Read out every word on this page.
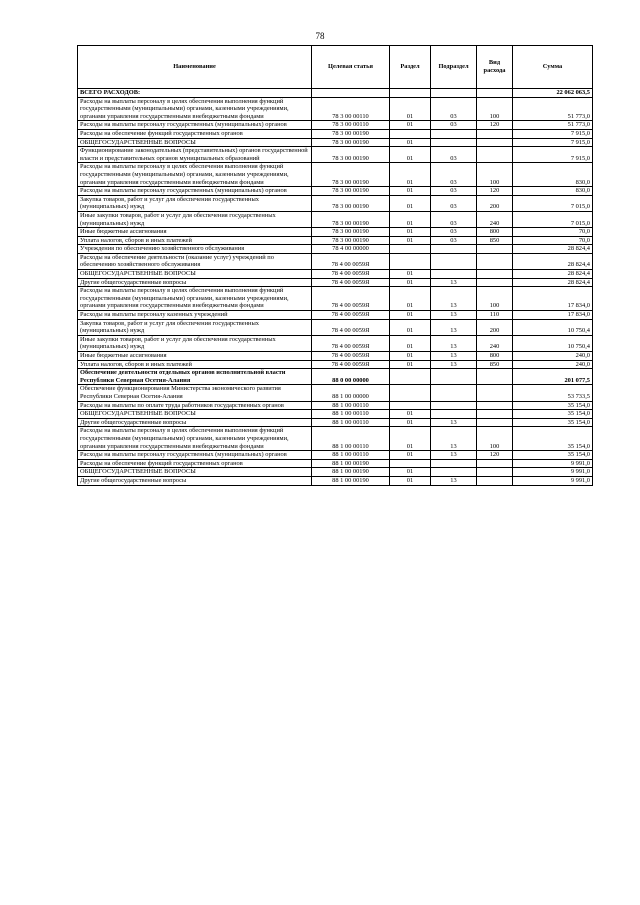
78
Наименование	Целевая статья	Раздел	Подраздел	Вид расхода	Сумма
ВСЕГО РАСХОДОВ:					22 062 063,5
Расходы на выплаты персоналу в целях обеспечения выполнения функций государственными (муниципальными) органами, казенными учреждениями, органами управления государственными внебюджетными фондами	78 3 00 00110	01	03	100	51 773,0
Расходы на выплаты персоналу государственных (муниципальных) органов	78 3 00 00110	01	03	120	51 773,0
Расходы на обеспечение функций государственных органов	78 3 00 00190				7 915,0
ОБЩЕГОСУДАРСТВЕННЫЕ ВОПРОСЫ	78 3 00 00190	01			7 915,0
Функционирование законодательных (представительных) органов государственной власти и представительных органов муниципальных образований	78 3 00 00190	01	03		7 915,0
Расходы на выплаты персоналу в целях обеспечения выполнения функций государственными (муниципальными) органами, казенными учреждениями, органами управления государственными внебюджетными фондами	78 3 00 00190	01	03	100	830,0
Расходы на выплаты персоналу государственных (муниципальных) органов	78 3 00 00190	01	03	120	830,0
Закупка товаров, работ и услуг для обеспечения государственных (муниципальных) нужд	78 3 00 00190	01	03	200	7 015,0
Иные закупки товаров, работ и услуг для обеспечения государственных (муниципальных) нужд	78 3 00 00190	01	03	240	7 015,0
Иные бюджетные ассигнования	78 3 00 00190	01	03	800	70,0
Уплата налогов, сборов и иных платежей	78 3 00 00190	01	03	850	70,0
Учреждения по обеспечению хозяйственного обслуживания	78 4 00 00000				28 824,4
Расходы на обеспечение деятельности (оказание услуг) учреждений по обеспечению хозяйственного обслуживания	78 4 00 0059Я				28 824,4
ОБЩЕГОСУДАРСТВЕННЫЕ ВОПРОСЫ	78 4 00 0059Я	01			28 824,4
Другие общегосударственные вопросы	78 4 00 0059Я	01	13		28 824,4
Расходы на выплаты персоналу в целях обеспечения выполнения функций государственными (муниципальными) органами, казенными учреждениями, органами управления государственными внебюджетными фондами	78 4 00 0059Я	01	13	100	17 834,0
Расходы на выплаты персоналу казенных учреждений	78 4 00 0059Я	01	13	110	17 834,0
Закупка товаров, работ и услуг для обеспечения государственных (муниципальных) нужд	78 4 00 0059Я	01	13	200	10 750,4
Иные закупки товаров, работ и услуг для обеспечения государственных (муниципальных) нужд	78 4 00 0059Я	01	13	240	10 750,4
Иные бюджетные ассигнования	78 4 00 0059Я	01	13	800	240,0
Уплата налогов, сборов и иных платежей	78 4 00 0059Я	01	13	850	240,0
Обеспечение деятельности отдельных органов исполнительной власти Республики Северная Осетия-Алания	88 0 00 00000				201 077,5
Обеспечение функционирования Министерства экономического развития Республики Северная Осетия-Алания	88 1 00 00000				53 733,5
Расходы на выплаты по оплате труда работников государственных органов	88 1 00 00110				35 154,0
ОБЩЕГОСУДАРСТВЕННЫЕ ВОПРОСЫ	88 1 00 00110	01			35 154,0
Другие общегосударственные вопросы	88 1 00 00110	01	13		35 154,0
Расходы на выплаты персоналу в целях обеспечения выполнения функций государственными (муниципальными) органами, казенными учреждениями, органами управления государственными внебюджетными фондами	88 1 00 00110	01	13	100	35 154,0
Расходы на выплаты персоналу государственных (муниципальных) органов	88 1 00 00110	01	13	120	35 154,0
Расходы на обеспечение функций государственных органов	88 1 00 00190				9 991,0
ОБЩЕГОСУДАРСТВЕННЫЕ ВОПРОСЫ	88 1 00 00190	01			9 991,0
Другие общегосударственные вопросы	88 1 00 00190	01	13		9 991,0
